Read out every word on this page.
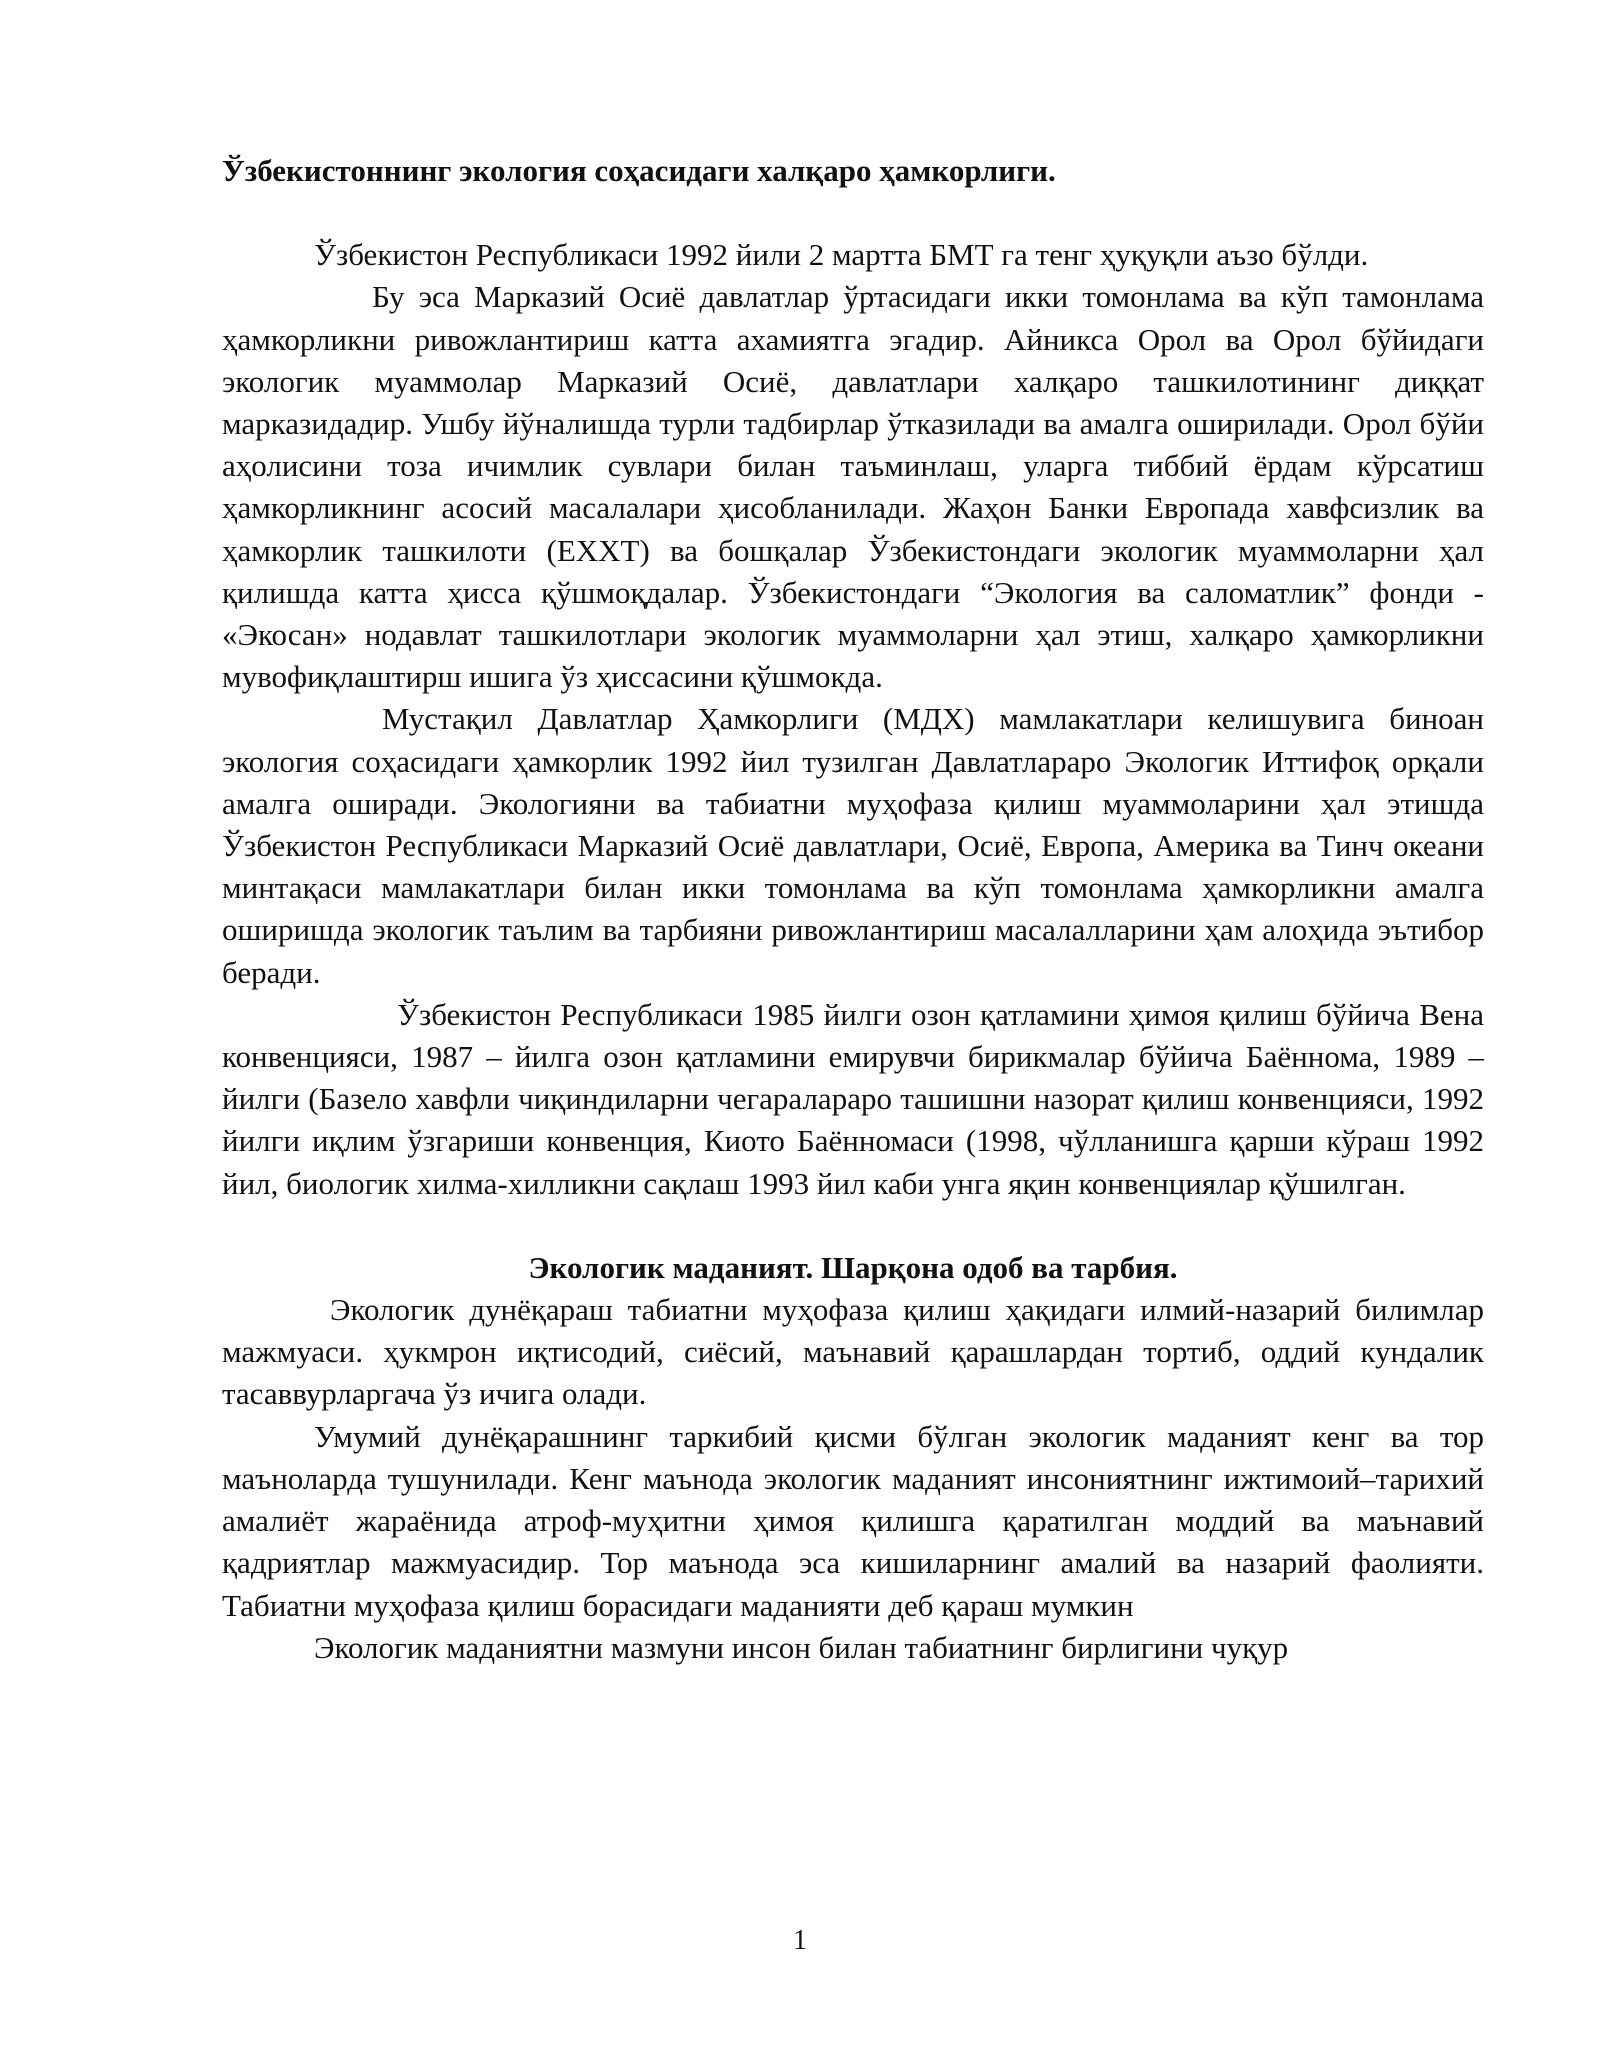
Ўзбекистоннинг экология соҳасидаги халқаро ҳамкорлиги.

Ўзбекистон Республикаси 1992 йили 2 мартта БМТ га тенг ҳуқуқли аъзо бўлди.

Бу эса Марказий Осиё давлатлар ўртасидаги икки томонлама ва кўп тамонлама ҳамкорликни ривожлантириш катта ахамиятга эгадир. Айникса Орол ва Орол бўйидаги экологик муаммолар Марказий Осиё, давлатлари халқаро ташкилотининг диққат марказидадир. Ушбу йўналишда турли тадбирлар ўтказилади ва амалга оширилади. Орол бўйи аҳолисини тоза ичимлик сувлари билан таъминлаш, уларга тиббий ёрдам кўрсатиш ҳамкорликнинг асосий масалалари ҳисобланилади. Жаҳон Банки Европада хавфсизлик ва ҳамкорлик ташкилоти (ЕХХТ) ва бошқалар Ўзбекистондаги экологик муаммоларни ҳал қилишда катта ҳисса қўшмоқдалар. Ўзбекистондаги “Экология ва саломатлик” фонди - «Экосан» нодавлат ташкилотлари экологик муаммоларни ҳал этиш, халқаро ҳамкорликни мувофиқлаштирш ишига ўз ҳиссасини қўшмокда.

Мустақил Давлатлар Ҳамкорлиги (МДХ) мамлакатлари келишувига биноан экология соҳасидаги ҳамкорлик 1992 йил тузилган Давлатлараро Экологик Иттифоқ орқали амалга оширади. Экологияни ва табиатни муҳофаза қилиш муаммоларини ҳал этишда Ўзбекистон Республикаси Марказий Осиё давлатлари, Осиё, Европа, Америка ва Тинч океани минтақаси мамлакатлари билан икки томонлама ва кўп томонлама ҳамкорликни амалга оширишда экологик таълим ва тарбияни ривожлантириш масалалларини ҳам алоҳида эътибор беради.

Ўзбекистон Республикаси 1985 йилги озон қатламини ҳимоя қилиш бўйича Вена конвенцияси, 1987 – йилга озон қатламини емирувчи бирикмалар бўйича Баённома, 1989 –йилги (Базело хавфли чиқиндиларни чегаралараро ташишни назорат қилиш конвенцияси, 1992 йилги иқлим ўзгариши конвенция, Киото Баённомаси (1998, чўлланишга қарши кўраш 1992 йил, биологик хилма-хилликни сақлаш 1993 йил каби унга яқин конвенциялар қўшилган.

Экологик маданият. Шарқона одоб ва тарбия.

Экологик дунёқараш табиатни муҳофаза қилиш ҳақидаги илмий-назарий билимлар мажмуаси. ҳукмрон иқтисодий, сиёсий, маънавий қарашлардан тортиб, оддий кундалик тасаввурларгача ўз ичига олади.

Умумий дунёқарашнинг таркибий қисми бўлган экологик маданият кенг ва тор маъноларда тушунилади. Кенг маънода экологик маданият инсониятнинг ижтимоий–тарихий амалиёт жараёнида атроф-муҳитни ҳимоя қилишга қаратилган моддий ва маънавий қадриятлар мажмуасидир. Тор маънода эса кишиларнинг амалий ва назарий фаолияти. Табиатни муҳофаза қилиш борасидаги маданияти деб қараш мумкин

Экологик маданиятни мазмуни инсон билан табиатнинг бирлигини чуқур

1
